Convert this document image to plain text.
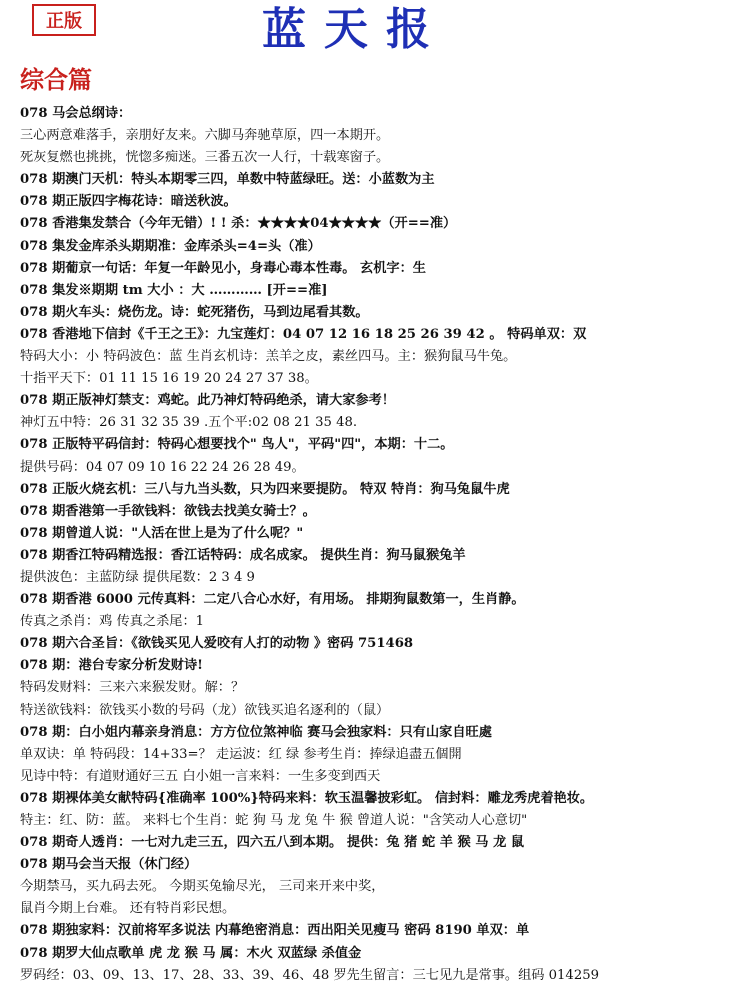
正版	蓝天报
综合篇
078 马会总纲诗：
三心两意难落手，亲朋好友来。六脚马奔驰草原，四一本期开。
死灰复燃也挑挑，恍惚多痴迷。三番五次一人行，十载寒窗子。
078 期澳门天机：特头本期零三四，单数中特蓝绿旺。送：小蓝数为主
078 期正版四字梅花诗：暗送秋波。
078 香港集发禁合（今年无错）! ! 杀：★★★★04★★★★（开==准）
078 集发金库杀头期期准：金库杀头=4=头（准）
078 期葡京一句话：年复一年龄见小，身毒心毒本性毒。 玄机字：生
078 集发※期期 tm 大小 ：大 ………… [开==准]
078 期火车头：烧伤龙。诗：蛇死猪伤，马到边尾看其数。
078 香港地下信封《千王之王》：九宝莲灯：04 07 12 16 18 25 26 39 42 。 特码单双：双
特码大小：小 特码波色：蓝 生肖玄机诗：羔羊之皮，素丝四马。主：猴狗鼠马牛兔。
十指平天下：01 11 15 16 19 20 24 27 37 38。
078 期正版神灯禁支：鸡蛇。此乃神灯特码绝杀，请大家参考！
神灯五中特：26 31 32 35 39 .五个平:02 08 21 35 48.
078 正版特平码信封：特码心想要找个" 鸟人"，平码"四"，本期：十二。
提供号码：04 07 09 10 16 22 24 26 28 49。
078 正版火烧玄机：三八与九当头数，只为四来要提防。 特双 特肖：狗马兔鼠牛虎
078 期香港第一手欲钱料：欲钱去找美女骑士？。
078 期曾道人说："人活在世上是为了什么呢？"
078 期香江特码精选报：香江话特码：成名成家。 提供生肖：狗马鼠猴兔羊
提供波色：主蓝防绿 提供尾数：2 3 4 9
078 期香港 6000 元传真料：二定八合心水好，有用场。 排期狗鼠数第一，生肖静。
传真之杀肖：鸡 传真之杀尾：1
078 期六合圣旨：《欲钱买见人爱咬有人打的动物 》密码 751468
078 期：港台专家分析发财诗!
特码发财料：三来六来猴发财。解：？
特送欲钱料：欲钱买小数的号码（龙）欲钱买追名逐利的（鼠）
078 期：白小姐内幕亲身消息：方方位位煞神临 赛马会独家料：只有山家自旺處
单双诀：单 特码段：14+33=？ 走运波：红 绿 参考生肖：捧绿追盡五個開
见诗中特：有道财通好三五 白小姐一言来料：一生多变到西天
078 期裸体美女献特码{准确率 100%}特码来料：软玉温馨披彩虹。 信封料：雕龙秀虎着艳妆。
特主：红、防：蓝。 来料七个生肖：蛇 狗 马 龙 兔 牛 猴 曾道人说："含笑动人心意切"
078 期奇人透肖：一七对九走三五，四六五八到本期。 提供：兔 猪 蛇 羊 猴 马 龙 鼠
078 期马会当天报（休门经）
今期禁马，买九码去死。 今期买兔输尽光， 三司来开来中奖，
鼠肖今期上台难。 还有特肖彩民想。
078 期独家料：汉前将军多说法 内幕绝密消息：西出阳关见瘦马 密码 8190 单双：单
078 期罗大仙点歌单 虎 龙 猴 马 属：木火 双蓝绿 杀值金
罗码经：03、09、13、17、28、33、39、46、48 罗先生留言：三七见九是常事。组码 014259
